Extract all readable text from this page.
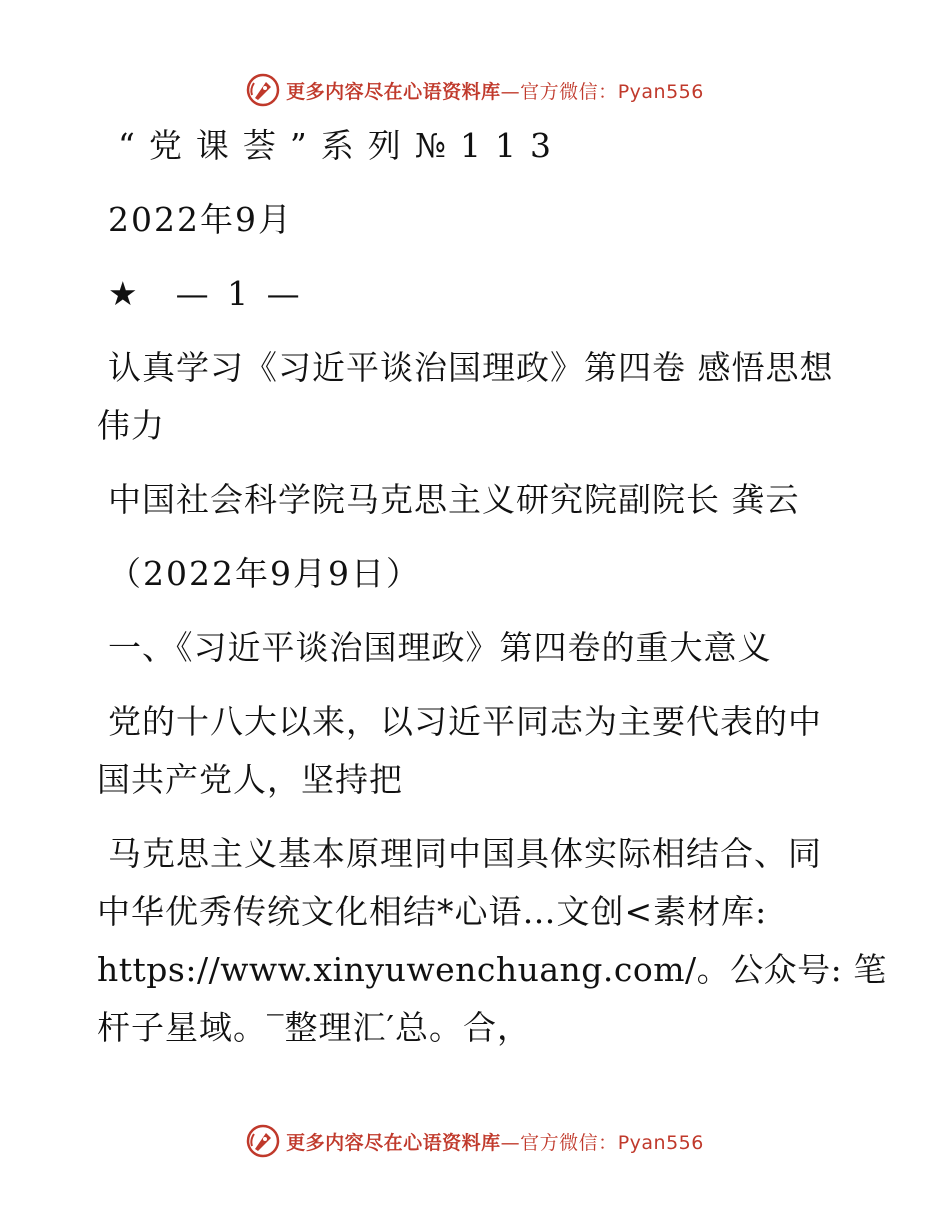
更多内容尽在心语资料库—官方微信：Pyan556
“党课荟”系列№113
2022年9月
★ — 1 —
认真学习《习近平谈治国理政》第四卷 感悟思想
伟力
中国社会科学院马克思主义研究院副院长 龚云
（2022年9月9日）
一、《习近平谈治国理政》第四卷的重大意义
党的十八大以来，以习近平同志为主要代表的中
国共产党人，坚持把
马克思主义基本原理同中国具体实际相结合、同
中华优秀传统文化相结*心语…文创<素材库:
https://www.xinyuwenchuang.com/。公众号: 笔
杆子星域。‾整理汇′总。合，
更多内容尽在心语资料库—官方微信：Pyan556
